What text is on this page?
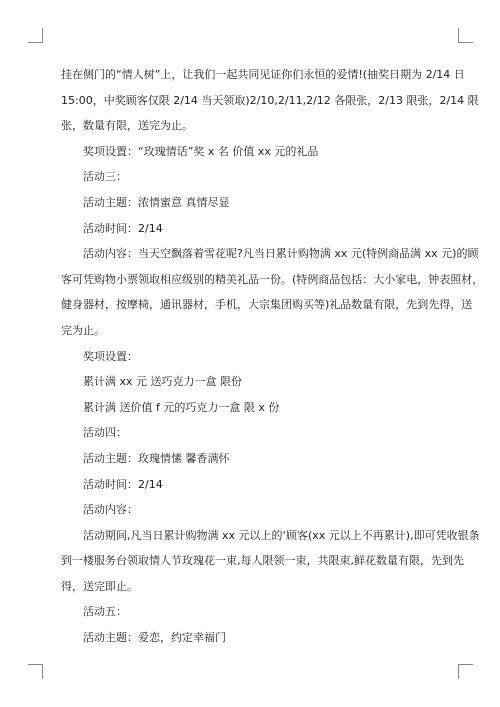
挂在侧门的“情人树”上，让我们一起共同见证你们永恒的爱情!(抽奖日期为 2/14 日
15:00，中奖顾客仅限 2/14 当天领取)2/10,2/11,2/12 各限张，2/13 限张，2/14 限
张，数量有限，送完为止。
奖项设置：“玫瑰情话”奖 x 名 价值 xx 元的礼品
活动三：
活动主题：浓情蜜意 真情尽显
活动时间：2/14
活动内容：当天空飘落着雪花呢?凡当日累计购物满 xx 元(特例商品满 xx 元)的顾
客可凭购物小票领取相应级别的精美礼品一份。(特例商品包括：大小家电，钟表照材，
健身器材，按摩椅，通讯器材，手机，大宗集团购买等)礼品数量有限，先到先得，送
完为止。
奖项设置：
累计满 xx 元 送巧克力一盒 限份
累计满 送价值 f 元的巧克力一盒 限 x 份
活动四：
活动主题：玫瑰情愫 馨香满怀
活动时间：2/14
活动内容：
活动期间,凡当日累计购物满 xx 元以上的‘顾客(xx 元以上不再累计),即可凭收银条
到一楼服务台领取情人节玫瑰花一束,每人限领一束，共限束,鲜花数量有限，先到先
得，送完即止。
活动五：
活动主题：爱恋，约定幸福门
